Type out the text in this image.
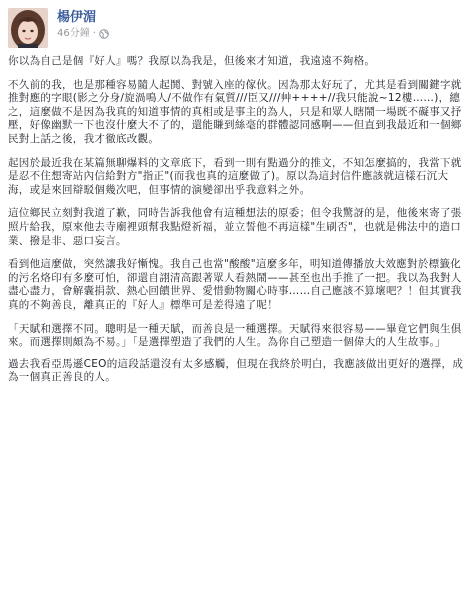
楊伊湄
46分鐘 ·

你以為自己是個『好人』嗎？我原以為我是，但後來才知道，我遠遠不夠格。

不久前的我，也是那種容易隨人起鬨、對號入座的傢伙。因為那太好玩了，尤其是看到關鍵字就推對應的字眼(影之分身/旋渦鳴人/不做作有氣質///臣又///艸++++//我只能說~12樓……)，總之，這麼做不是因為我真的知道事情的真相或是事主的為人，只是和眾人瞎鬧一場既不礙事又抒壓，好像幽默一下也沒什麼大不了的，還能賺到絲毫的群體認同感啊——但直到我最近和一個鄉民對上話之後，我才徹底改觀。

起因於最近我在某篇無聊爆料的文章底下，看到一則有點過分的推文，不知怎麼搞的，我當下就是忍不住想寄站內信給對方"指正"(而我也真的這麼做了)。原以為這封信件應該就這樣石沉大海，或是來回辯駁個幾次吧，但事情的演變卻出乎我意料之外。

這位鄉民立刻對我道了歉，同時告訴我他會有這種想法的原委；但令我驚訝的是，他後來寄了張照片給我，原來他去寺廟裡頭幫我點燈祈福，並立誓他不再這樣"生刷否"，也就是佛法中的造口業、撥是非、惡口妄言。

看到他這麼做，突然讓我好慚愧。我自己也當"酸酸"這麼多年，明知道傳播放大效應對於標籤化的污名烙印有多麼可怕，卻還自詡清高跟著眾人看熱鬧——甚至也出手推了一把。我以為我對人盡心盡力，會解囊捐款、熱心回饋世界、愛惜動物關心時事……自己應該不算壞吧？！但其實我真的不夠善良，離真正的『好人』標準可是差得遠了呢！

「天賦和選擇不同。聰明是一種天賦，而善良是一種選擇。天賦得來很容易——畢竟它們與生俱來。而選擇則頗為不易。」「是選擇塑造了我們的人生。為你自己塑造一個偉大的人生故事。」

過去我看亞馬遜CEO的這段話還沒有太多感觸，但現在我終於明白，我應該做出更好的選擇，成為一個真正善良的人。
